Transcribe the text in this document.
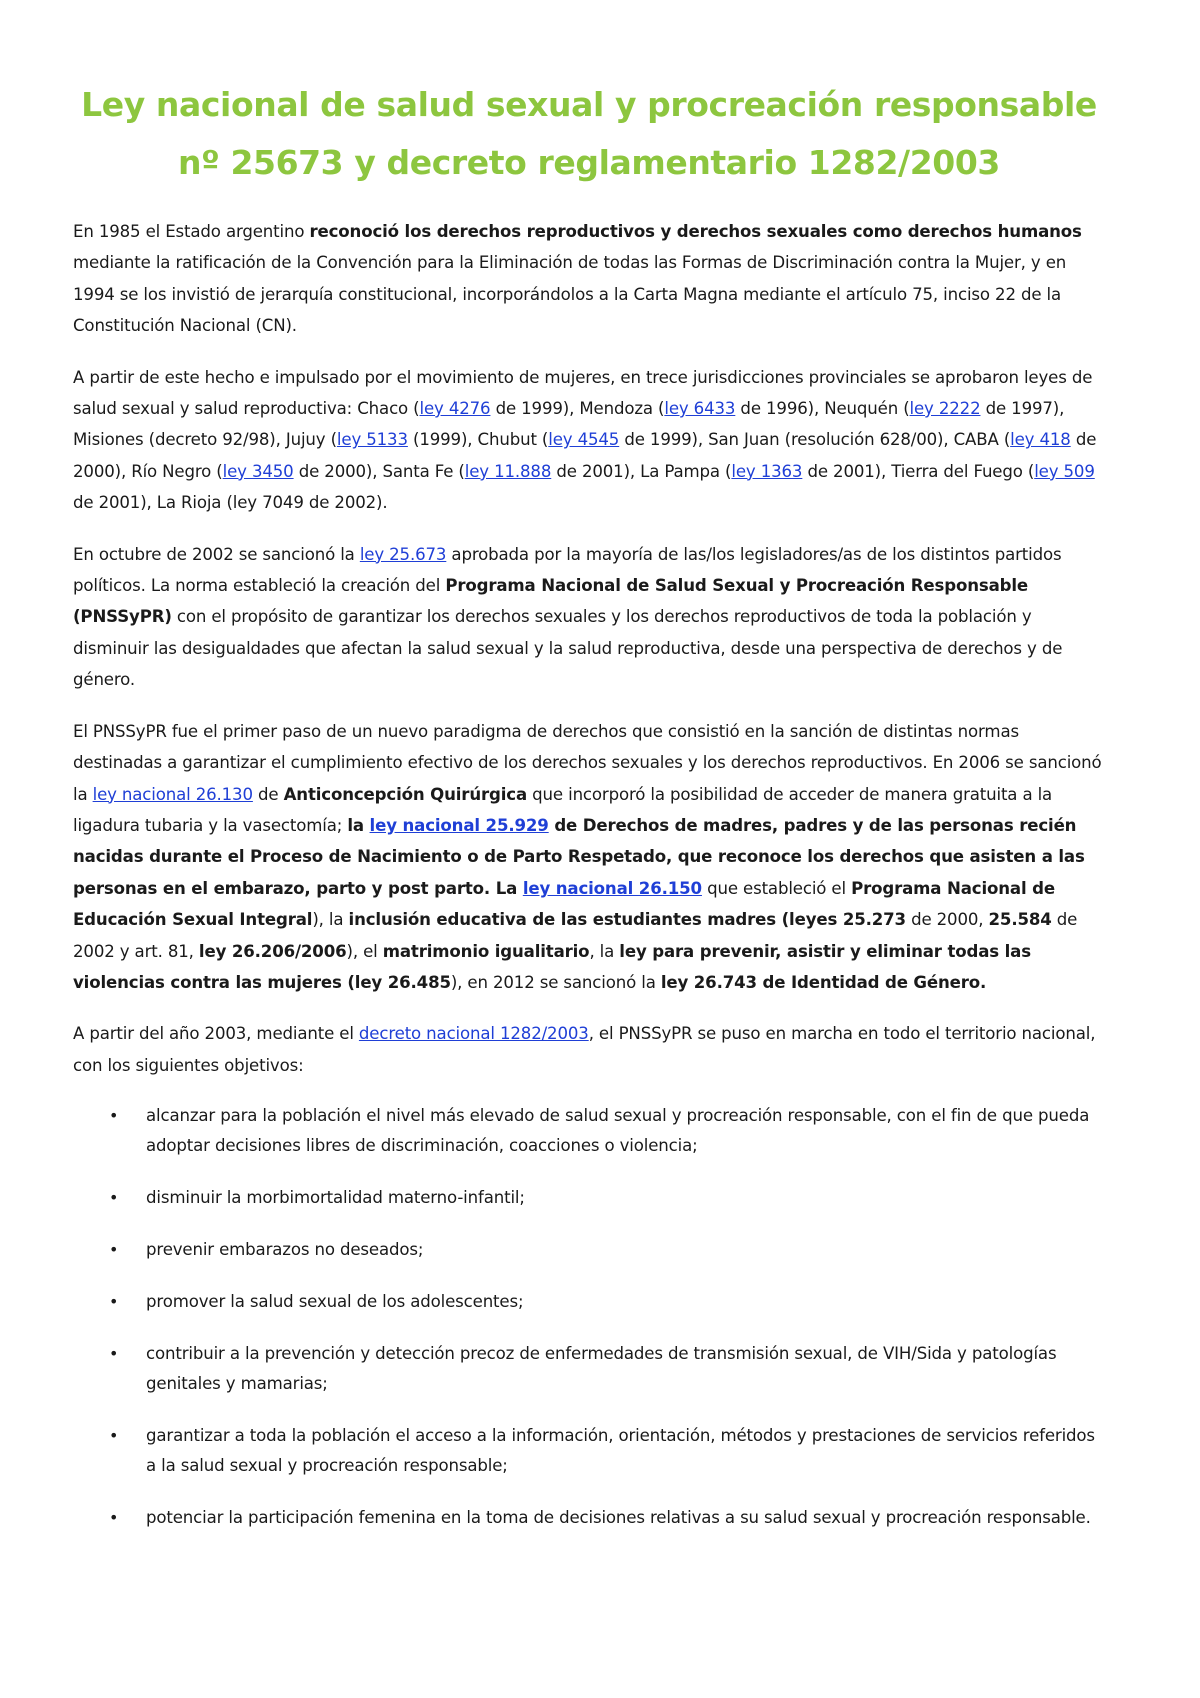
Ley nacional de salud sexual y procreación responsable
nº 25673 y decreto reglamentario 1282/2003

En 1985 el Estado argentino reconoció los derechos reproductivos y derechos sexuales como derechos humanos mediante la ratificación de la Convención para la Eliminación de todas las Formas de Discriminación contra la Mujer, y en 1994 se los invistió de jerarquía constitucional, incorporándolos a la Carta Magna mediante el artículo 75, inciso 22 de la Constitución Nacional (CN).

A partir de este hecho e impulsado por el movimiento de mujeres, en trece jurisdicciones provinciales se aprobaron leyes de salud sexual y salud reproductiva: Chaco (ley 4276 de 1999), Mendoza (ley 6433 de 1996), Neuquén (ley 2222 de 1997), Misiones (decreto 92/98), Jujuy (ley 5133 (1999), Chubut (ley 4545 de 1999), San Juan (resolución 628/00), CABA (ley 418 de 2000), Río Negro (ley 3450 de 2000), Santa Fe (ley 11.888 de 2001), La Pampa (ley 1363 de 2001), Tierra del Fuego (ley 509 de 2001), La Rioja (ley 7049 de 2002).

En octubre de 2002 se sancionó la ley 25.673 aprobada por la mayoría de las/los legisladores/as de los distintos partidos políticos. La norma estableció la creación del Programa Nacional de Salud Sexual y Procreación Responsable (PNSSyPR) con el propósito de garantizar los derechos sexuales y los derechos reproductivos de toda la población y disminuir las desigualdades que afectan la salud sexual y la salud reproductiva, desde una perspectiva de derechos y de género.

El PNSSyPR fue el primer paso de un nuevo paradigma de derechos que consistió en la sanción de distintas normas destinadas a garantizar el cumplimiento efectivo de los derechos sexuales y los derechos reproductivos. En 2006 se sancionó la ley nacional 26.130 de Anticoncepción Quirúrgica que incorporó la posibilidad de acceder de manera gratuita a la ligadura tubaria y la vasectomía; la ley nacional 25.929 de Derechos de madres, padres y de las personas recién nacidas durante el Proceso de Nacimiento o de Parto Respetado, que reconoce los derechos que asisten a las personas en el embarazo, parto y post parto. La ley nacional 26.150 que estableció el Programa Nacional de Educación Sexual Integral), la inclusión educativa de las estudiantes madres (leyes 25.273 de 2000, 25.584 de 2002 y art. 81, ley 26.206/2006), el matrimonio igualitario, la ley para prevenir, asistir y eliminar todas las violencias contra las mujeres (ley 26.485), en 2012 se sancionó la ley 26.743 de Identidad de Género.

A partir del año 2003, mediante el decreto nacional 1282/2003, el PNSSyPR se puso en marcha en todo el territorio nacional, con los siguientes objetivos:

• alcanzar para la población el nivel más elevado de salud sexual y procreación responsable, con el fin de que pueda adoptar decisiones libres de discriminación, coacciones o violencia;
• disminuir la morbimortalidad materno-infantil;
• prevenir embarazos no deseados;
• promover la salud sexual de los adolescentes;
• contribuir a la prevención y detección precoz de enfermedades de transmisión sexual, de VIH/Sida y patologías genitales y mamarias;
• garantizar a toda la población el acceso a la información, orientación, métodos y prestaciones de servicios referidos a la salud sexual y procreación responsable;
• potenciar la participación femenina en la toma de decisiones relativas a su salud sexual y procreación responsable.
